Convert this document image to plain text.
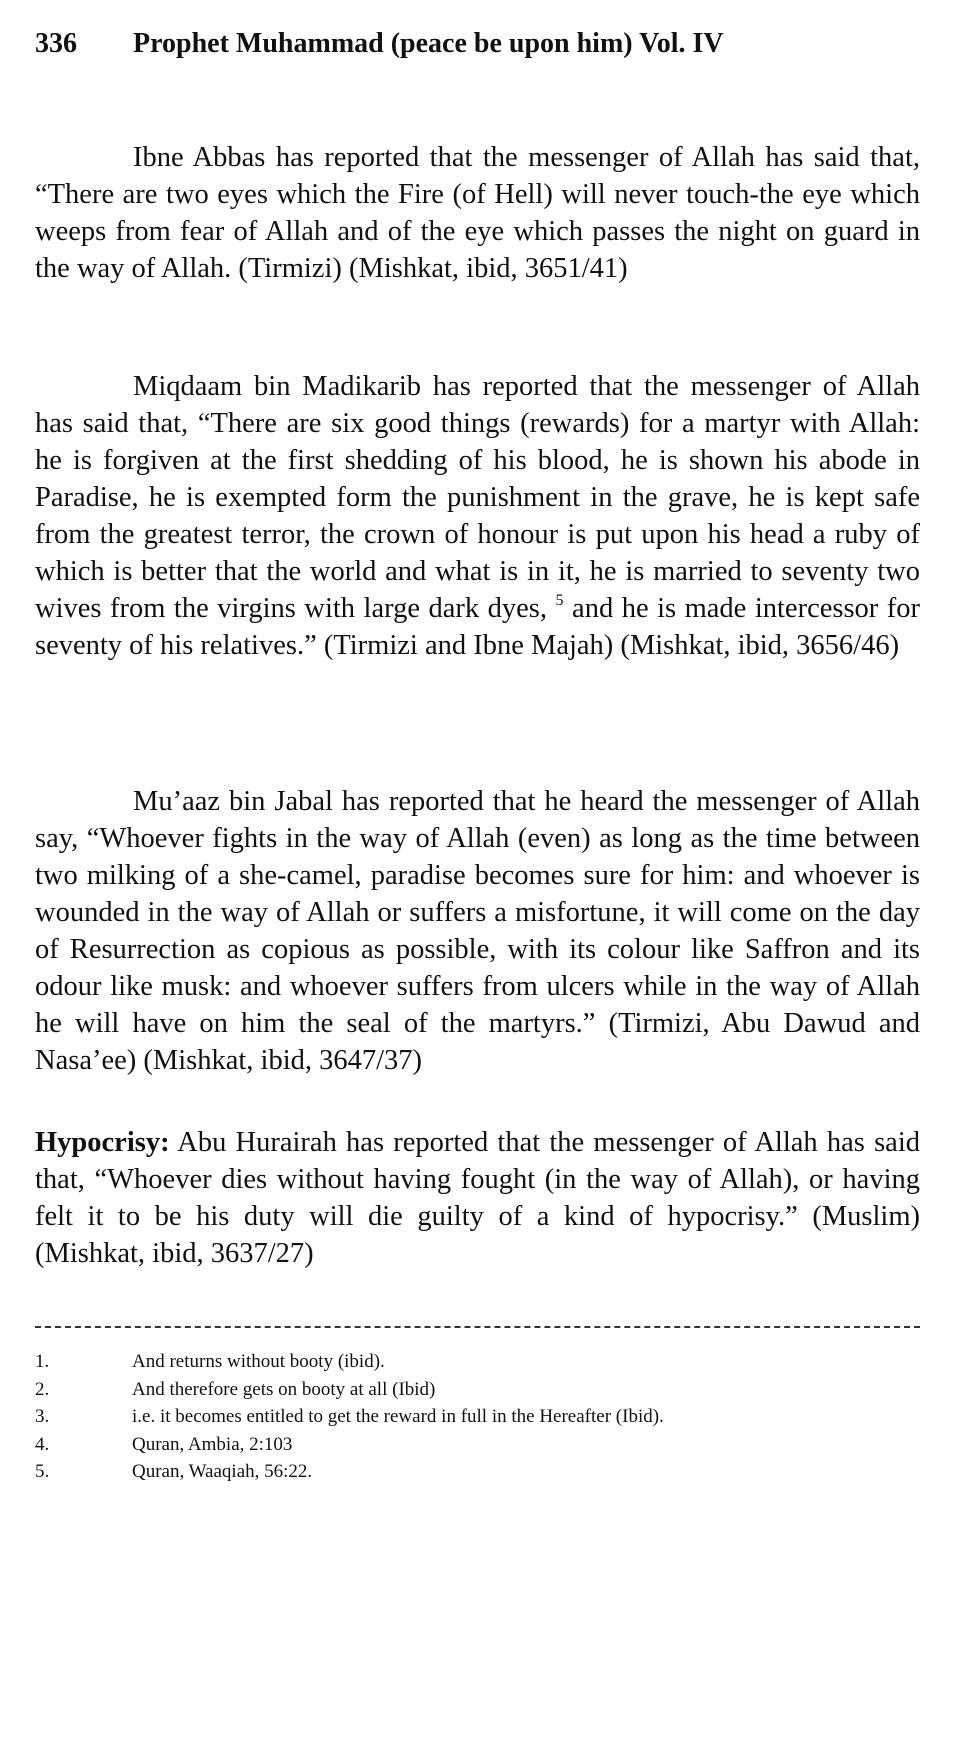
336 Prophet Muhammad (peace be upon him) Vol. IV

Ibne Abbas has reported that the messenger of Allah has said that, “There are two eyes which the Fire (of Hell) will never touch-the eye which weeps from fear of Allah and of the eye which passes the night on guard in the way of Allah. (Tirmizi) (Mishkat, ibid, 3651/41)

Miqdaam bin Madikarib has reported that the messenger of Allah has said that, “There are six good things (rewards) for a martyr with Allah: he is forgiven at the first shedding of his blood, he is shown his abode in Paradise, he is exempted form the punishment in the grave, he is kept safe from the greatest terror, the crown of honour is put upon his head a ruby of which is better that the world and what is in it, he is married to seventy two wives from the virgins with large dark dyes, $^5$ and he is made intercessor for seventy of his relatives.” (Tirmizi and Ibne Majah) (Mishkat, ibid, 3656/46)

Mu’aaz bin Jabal has reported that he heard the messenger of Allah say, “Whoever fights in the way of Allah (even) as long as the time between two milking of a she-camel, paradise becomes sure for him: and whoever is wounded in the way of Allah or suffers a misfortune, it will come on the day of Resurrection as copious as possible, with its colour like Saffron and its odour like musk: and whoever suffers from ulcers while in the way of Allah he will have on him the seal of the martyrs.” (Tirmizi, Abu Dawud and Nasa’ee) (Mishkat, ibid, 3647/37)

Hypocrisy: Abu Hurairah has reported that the messenger of Allah has said that, “Whoever dies without having fought (in the way of Allah), or having felt it to be his duty will die guilty of a kind of hypocrisy.” (Muslim) (Mishkat, ibid, 3637/27)

1.	And returns without booty (ibid).
2.	And therefore gets on booty at all (Ibid)
3.	i.e. it becomes entitled to get the reward in full in the Hereafter (Ibid).
4.	Quran, Ambia, 2:103
5.	Quran, Waaqiah, 56:22.
